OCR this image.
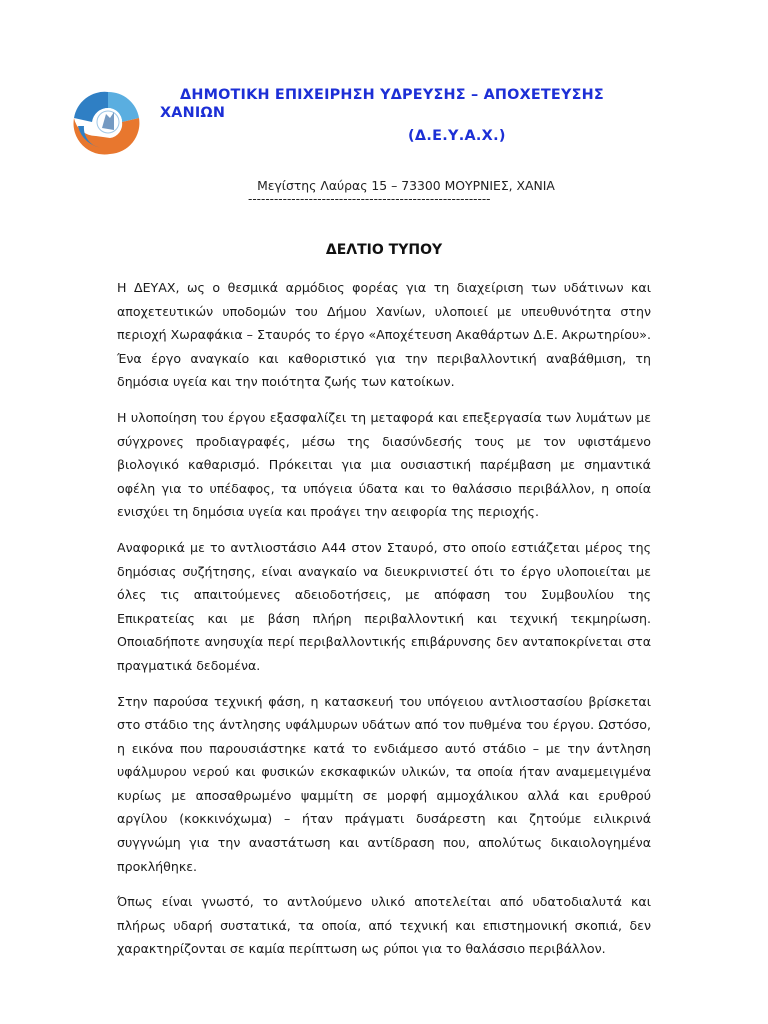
ΔΗΜΟΤΙΚΗ ΕΠΙΧΕΙΡΗΣΗ ΥΔΡΕΥΣΗΣ – ΑΠΟΧΕΤΕΥΣΗΣ
ΧΑΝΙΩΝ
(Δ.Ε.Υ.Α.Χ.)
Μεγίστης Λαύρας 15 – 73300 ΜΟΥΡΝΙΕΣ, ΧΑΝΙΑ
--------------------------------------------------------
ΔΕΛΤΙΟ ΤΥΠΟΥ

Η ΔΕΥΑΧ, ως ο θεσμικά αρμόδιος φορέας για τη διαχείριση των υδάτινων και αποχετευτικών υποδομών του Δήμου Χανίων, υλοποιεί με υπευθυνότητα στην περιοχή Χωραφάκια – Σταυρός το έργο «Αποχέτευση Ακαθάρτων Δ.Ε. Ακρωτηρίου». Ένα έργο αναγκαίο και καθοριστικό για την περιβαλλοντική αναβάθμιση, τη δημόσια υγεία και την ποιότητα ζωής των κατοίκων.

Η υλοποίηση του έργου εξασφαλίζει τη μεταφορά και επεξεργασία των λυμάτων με σύγχρονες προδιαγραφές, μέσω της διασύνδεσής τους με τον υφιστάμενο βιολογικό καθαρισμό. Πρόκειται για μια ουσιαστική παρέμβαση με σημαντικά οφέλη για το υπέδαφος, τα υπόγεια ύδατα και το θαλάσσιο περιβάλλον, η οποία ενισχύει τη δημόσια υγεία και προάγει την αειφορία της περιοχής.

Αναφορικά με το αντλιοστάσιο Α44 στον Σταυρό, στο οποίο εστιάζεται μέρος της δημόσιας συζήτησης, είναι αναγκαίο να διευκρινιστεί ότι το έργο υλοποιείται με όλες τις απαιτούμενες αδειοδοτήσεις, με απόφαση του Συμβουλίου της Επικρατείας και με βάση πλήρη περιβαλλοντική και τεχνική τεκμηρίωση. Οποιαδήποτε ανησυχία περί περιβαλλοντικής επιβάρυνσης δεν ανταποκρίνεται στα πραγματικά δεδομένα.

Στην παρούσα τεχνική φάση, η κατασκευή του υπόγειου αντλιοστασίου βρίσκεται στο στάδιο της άντλησης υφάλμυρων υδάτων από τον πυθμένα του έργου. Ωστόσο, η εικόνα που παρουσιάστηκε κατά το ενδιάμεσο αυτό στάδιο – με την άντληση υφάλμυρου νερού και φυσικών εκσκαφικών υλικών, τα οποία ήταν αναμεμειγμένα κυρίως με αποσαθρωμένο ψαμμίτη σε μορφή αμμοχάλικου αλλά και ερυθρού αργίλου (κοκκινόχωμα) – ήταν πράγματι δυσάρεστη και ζητούμε ειλικρινά συγγνώμη για την αναστάτωση και αντίδραση που, απολύτως δικαιολογημένα προκλήθηκε.

Όπως είναι γνωστό, το αντλούμενο υλικό αποτελείται από υδατοδιαλυτά και πλήρως υδαρή συστατικά, τα οποία, από τεχνική και επιστημονική σκοπιά, δεν χαρακτηρίζονται σε καμία περίπτωση ως ρύποι για το θαλάσσιο περιβάλλον.
